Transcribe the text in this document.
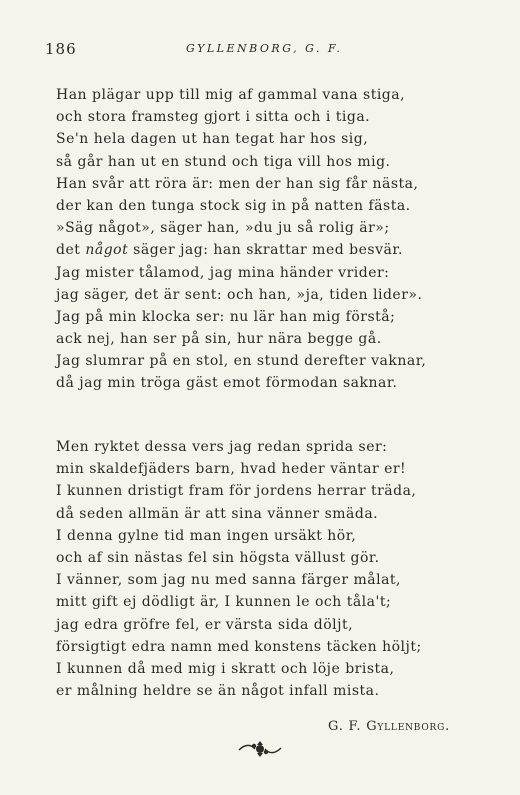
186	GYLLENBORG, G. F.
Han plägar upp till mig af gammal vana stiga,
och stora framsteg gjort i sitta och i tiga.
Se'n hela dagen ut han tegat har hos sig,
så går han ut en stund och tiga vill hos mig.
Han svår att röra är: men der han sig får nästa,
der kan den tunga stock sig in på natten fästa.
»Säg något», säger han, »du ju så rolig är»;
det något säger jag: han skrattar med besvär.
Jag mister tålamod, jag mina händer vrider:
jag säger, det är sent: och han, »ja, tiden lider».
Jag på min klocka ser: nu lär han mig förstå;
ack nej, han ser på sin, hur nära begge gå.
Jag slumrar på en stol, en stund derefter vaknar,
då jag min tröga gäst emot förmodan saknar.
Men ryktet dessa vers jag redan sprida ser:
min skaldefjäders barn, hvad heder väntar er!
I kunnen dristigt fram för jordens herrar träda,
då seden allmän är att sina vänner smäda.
I denna gylne tid man ingen ursäkt hör,
och af sin nästas fel sin högsta vällust gör.
I vänner, som jag nu med sanna färger målat,
mitt gift ej dödligt är, I kunnen le och tåla't;
jag edra gröfre fel, er värsta sida döljt,
försigtigt edra namn med konstens täcken höljt;
I kunnen då med mig i skratt och löje brista,
er målning heldre se än något infall mista.
G. F. Gyllenborg.
